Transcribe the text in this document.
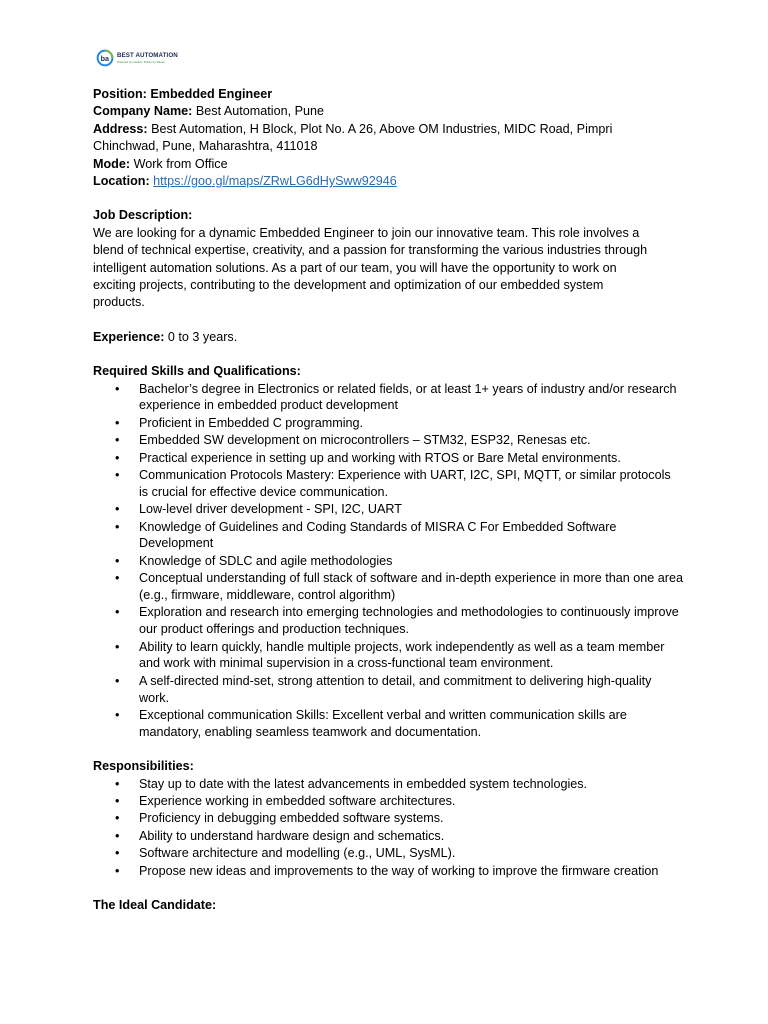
ba BEST AUTOMATION
Powered by Intellect. Driven by Values.
Position: Embedded Engineer
Company Name: Best Automation, Pune
Address: Best Automation, H Block, Plot No. A 26, Above OM Industries, MIDC Road, Pimpri
Chinchwad, Pune, Maharashtra, 411018
Mode: Work from Office
Location: https://goo.gl/maps/ZRwLG6dHySww92946
Job Description:
We are looking for a dynamic Embedded Engineer to join our innovative team. This role involves a
blend of technical expertise, creativity, and a passion for transforming the various industries through
intelligent automation solutions. As a part of our team, you will have the opportunity to work on
exciting projects, contributing to the development and optimization of our embedded system
products.
Experience: 0 to 3 years.
Required Skills and Qualifications:
• Bachelor’s degree in Electronics or related fields, or at least 1+ years of industry and/or research experience in embedded product development
• Proficient in Embedded C programming.
• Embedded SW development on microcontrollers – STM32, ESP32, Renesas etc.
• Practical experience in setting up and working with RTOS or Bare Metal environments.
• Communication Protocols Mastery: Experience with UART, I2C, SPI, MQTT, or similar protocols is crucial for effective device communication.
• Low-level driver development - SPI, I2C, UART
• Knowledge of Guidelines and Coding Standards of MISRA C For Embedded Software Development
• Knowledge of SDLC and agile methodologies
• Conceptual understanding of full stack of software and in-depth experience in more than one area (e.g., firmware, middleware, control algorithm)
• Exploration and research into emerging technologies and methodologies to continuously improve our product offerings and production techniques.
• Ability to learn quickly, handle multiple projects, work independently as well as a team member and work with minimal supervision in a cross-functional team environment.
• A self-directed mind-set, strong attention to detail, and commitment to delivering high-quality work.
• Exceptional communication Skills: Excellent verbal and written communication skills are mandatory, enabling seamless teamwork and documentation.
Responsibilities:
• Stay up to date with the latest advancements in embedded system technologies.
• Experience working in embedded software architectures.
• Proficiency in debugging embedded software systems.
• Ability to understand hardware design and schematics.
• Software architecture and modelling (e.g., UML, SysML).
• Propose new ideas and improvements to the way of working to improve the firmware creation
The Ideal Candidate:
